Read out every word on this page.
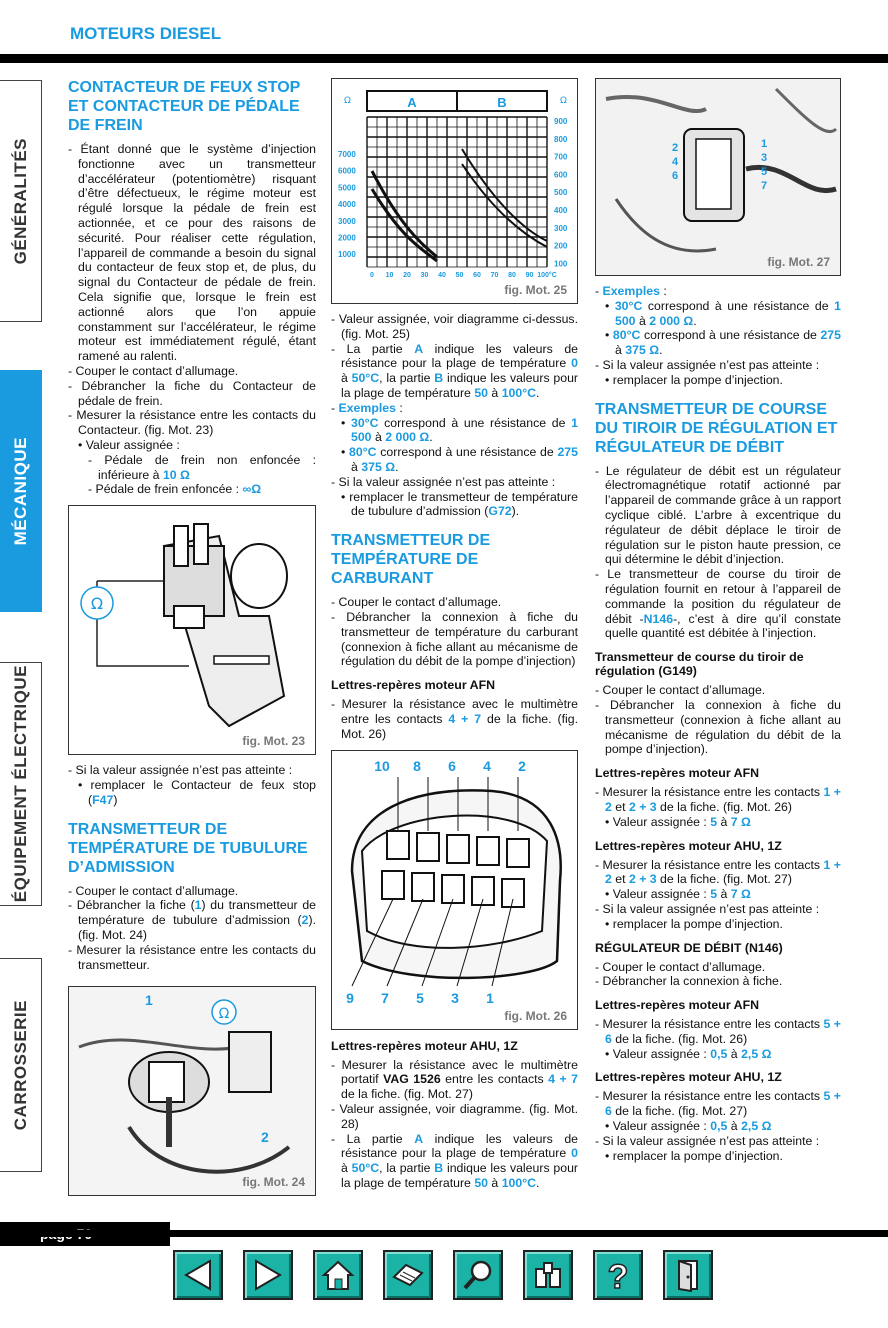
MOTEURS DIESEL
GÉNÉRALITÉS
MÉCANIQUE
ÉQUIPEMENT ÉLECTRIQUE
CARROSSERIE
CONTACTEUR DE FEUX STOP ET CONTACTEUR DE PÉDALE DE FREIN

- Étant donné que le système d’injection fonctionne avec un transmetteur d’accélérateur (potentiomètre) risquant d’être défectueux, le régime moteur est régulé lorsque la pédale de frein est actionnée, et ce pour des raisons de sécurité. Pour réaliser cette régulation, l’appareil de commande a besoin du signal du contacteur de feux stop et, de plus, du signal du Contacteur de pédale de frein. Cela signifie que, lorsque le frein est actionné alors que l’on appuie constamment sur l’accélérateur, le régime moteur est immédiatement régulé, étant ramené au ralenti.

- Couper le contact d’allumage.

- Débrancher la fiche du Contacteur de pédale de frein.

- Mesurer la résistance entre les contacts du Contacteur. (fig. Mot. 23)

• Valeur assignée :

- Pédale de frein non enfoncée : inférieure à 10 Ω

- Pédale de frein enfoncée : ∞Ω

Ω
fig. Mot. 23

- Si la valeur assignée n’est pas atteinte :

• remplacer le Contacteur de feux stop (F47)

TRANSMETTEUR DE TEMPÉRATURE DE TUBULURE D’ADMISSION

- Couper le contact d’allumage.

- Débrancher la fiche (1) du transmetteur de température de tubulure d’admission (2). (fig. Mot. 24)

- Mesurer la résistance entre les contacts du transmetteur.

1
2
Ω
fig. Mot. 24
Ω	Ω
A	B
7000
6000
5000
4000
3000
2000
1000
900
800
700
600
500
400
300
200
100
0 10 20 30 40 50 60 70 80 90 100°C
fig. Mot. 25

- Valeur assignée, voir diagramme ci-dessus. (fig. Mot. 25)

- La partie A indique les valeurs de résistance pour la plage de température 0 à 50°C, la partie B indique les valeurs pour la plage de température 50 à 100°C.

- Exemples :

• 30°C correspond à une résistance de 1 500 à 2 000 Ω.

• 80°C correspond à une résistance de 275 à 375 Ω.

- Si la valeur assignée n’est pas atteinte :

• remplacer le transmetteur de température de tubulure d’admission (G72).

TRANSMETTEUR DE TEMPÉRATURE DE CARBURANT

- Couper le contact d’allumage.

- Débrancher la connexion à fiche du transmetteur de température du carburant (connexion à fiche allant au mécanisme de régulation du débit de la pompe d’injection)

Lettres-repères moteur AFN

- Mesurer la résistance avec le multimètre entre les contacts 4 + 7 de la fiche. (fig. Mot. 26)

10 8 6 4 2
9 7 5 3 1
fig. Mot. 26
Lettres-repères moteur AHU, 1Z

- Mesurer la résistance avec le multimètre portatif VAG 1526 entre les contacts 4 + 7 de la fiche. (fig. Mot. 27)

- Valeur assignée, voir diagramme. (fig. Mot. 28)

- La partie A indique les valeurs de résistance pour la plage de température 0 à 50°C, la partie B indique les valeurs pour la plage de température 50 à 100°C.

2
4
6
1
3
5
7
fig. Mot. 27

- Exemples :

• 30°C correspond à une résistance de 1 500 à 2 000 Ω.

• 80°C correspond à une résistance de 275 à 375 Ω.

- Si la valeur assignée n’est pas atteinte :

• remplacer la pompe d’injection.

TRANSMETTEUR DE COURSE DU TIROIR DE RÉGULATION ET RÉGULATEUR DE DÉBIT

- Le régulateur de débit est un régulateur électromagnétique rotatif actionné par l’appareil de commande grâce à un rapport cyclique ciblé. L’arbre à excentrique du régulateur de débit déplace le tiroir de régulation sur le piston haute pression, ce qui détermine le débit d’injection.

- Le transmetteur de course du tiroir de régulation fournit en retour à l’appareil de commande la position du régulateur de débit -N146-, c’est à dire qu’il constate quelle quantité est débitée à l’injection.

Transmetteur de course du tiroir de régulation (G149)

- Couper le contact d’allumage.

- Débrancher la connexion à fiche du transmetteur (connexion à fiche allant au mécanisme de régulation du débit de la pompe d’injection).

Lettres-repères moteur AFN

- Mesurer la résistance entre les contacts 1 + 2 et 2 + 3 de la fiche. (fig. Mot. 26)

• Valeur assignée : 5 à 7 Ω

Lettres-repères moteur AHU, 1Z

- Mesurer la résistance entre les contacts 1 + 2 et 2 + 3 de la fiche. (fig. Mot. 27)

• Valeur assignée : 5 à 7 Ω

- Si la valeur assignée n’est pas atteinte :

• remplacer la pompe d’injection.

RÉGULATEUR DE DÉBIT (N146)

- Couper le contact d’allumage.

- Débrancher la connexion à fiche.

Lettres-repères moteur AFN

- Mesurer la résistance entre les contacts 5 + 6 de la fiche. (fig. Mot. 26)

• Valeur assignée : 0,5 à 2,5 Ω

Lettres-repères moteur AHU, 1Z

- Mesurer la résistance entre les contacts 5 + 6 de la fiche. (fig. Mot. 27)

• Valeur assignée : 0,5 à 2,5 Ω

- Si la valeur assignée n’est pas atteinte :

• remplacer la pompe d’injection.

?
